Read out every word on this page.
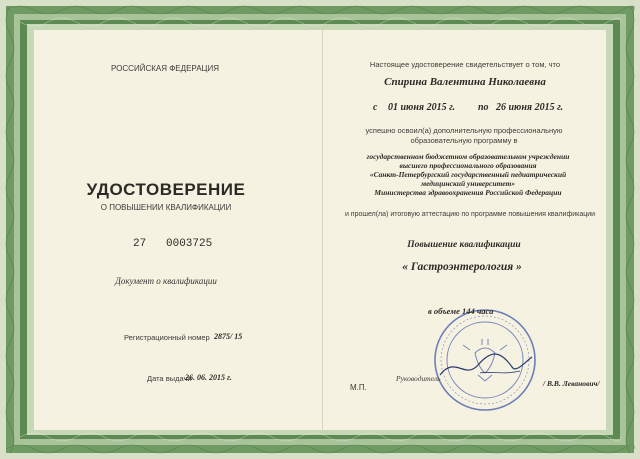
РОССИЙСКАЯ ФЕДЕРАЦИЯ
УДОСТОВЕРЕНИЕ
О ПОВЫШЕНИИ КВАЛИФИКАЦИИ
27 0003725
Документ о квалификации
Регистрационный номер 2875/ 15
Дата выдачи
26. 06. 2015 г.
Настоящее удостоверение свидетельствует о том, что
Спирина Валентина Николаевна
с 01 июня 2015 г. по 26 июня 2015 г.
успешно освоил(а) дополнительную профессиональную
образовательную программу в
государственном бюджетном образовательном учреждении
высшего профессионального образования
«Санкт-Петербургский государственный педиатрический
медицинский университет»
Министерства здравоохранения Российской Федерации
и прошел(ла) итоговую аттестацию по программе повышения квалификации
Повышение квалификации
« Гастроэнтерология »
в объеме 144 часа
М.П.
Руководитель
/ В.В. Леванович/
